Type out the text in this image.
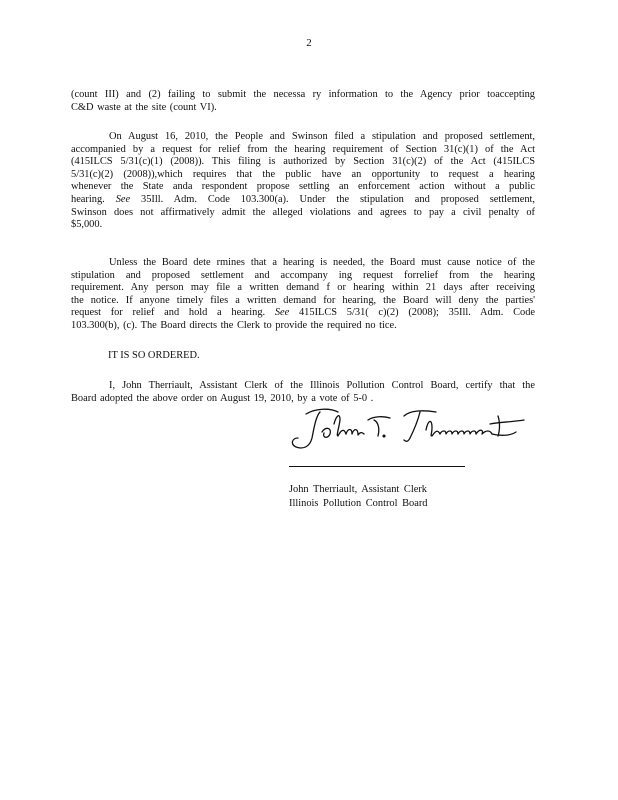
2

(count III) and (2) failing to submit the necessa ry information to the Agency prior toaccepting
C&D waste at the site (count VI).

On August 16, 2010, the People and Swinson filed a stipulation and proposed settlement,
accompanied by a request for relief from the hearing requirement of Section 31(c)(1) of the Act
(415ILCS 5/31(c)(1) (2008)). This filing is authorized by Section 31(c)(2) of the Act (415ILCS
5/31(c)(2) (2008)),which requires that the public have an opportunity to request a hearing
whenever the State anda respondent propose settling an enforcement action without a public
hearing. See 35Ill. Adm. Code 103.300(a). Under the stipulation and proposed settlement,
Swinson does not affirmatively admit the alleged violations and agrees to pay a civil penalty of
$5,000.

Unless the Board dete rmines that a hearing is needed, the Board must cause notice of the
stipulation and proposed settlement and accompany ing request forrelief from the hearing
requirement. Any person may file a written demand f or hearing within 21 days after receiving
the notice. If anyone timely files a written demand for hearing, the Board will deny the parties'
request for relief and hold a hearing. See 415ILCS 5/31( c)(2) (2008); 35Ill. Adm. Code
103.300(b), (c). The Board directs the Clerk to provide the required no tice.

IT IS SO ORDERED.

I, John Therriault, Assistant Clerk of the Illinois Pollution Control Board, certify that the
Board adopted the above order on August 19, 2010, by a vote of 5-0 .

John Therriault, Assistant Clerk
Illinois Pollution Control Board
